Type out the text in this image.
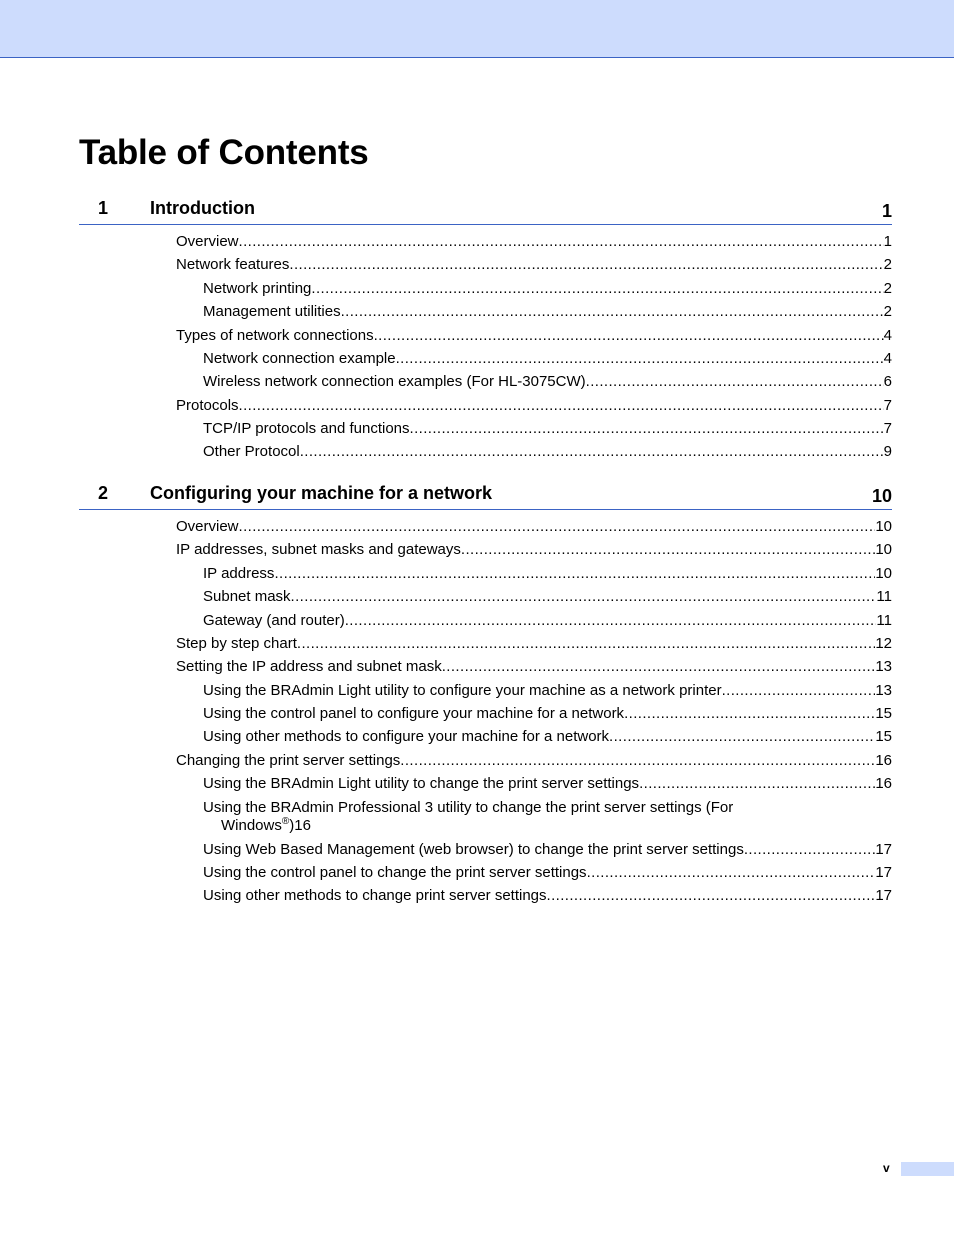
Table of Contents
1 Introduction	1
Overview .....	1
Network features .....	2
Network printing .....	2
Management utilities .....	2
Types of network connections .....	4
Network connection example .....	4
Wireless network connection examples (For HL-3075CW) .....	6
Protocols .....	7
TCP/IP protocols and functions .....	7
Other Protocol .....	9
2 Configuring your machine for a network	10
Overview .....	10
IP addresses, subnet masks and gateways .....	10
IP address .....	10
Subnet mask .....	11
Gateway (and router) .....	11
Step by step chart .....	12
Setting the IP address and subnet mask .....	13
Using the BRAdmin Light utility to configure your machine as a network printer .....	13
Using the control panel to configure your machine for a network .....	15
Using other methods to configure your machine for a network .....	15
Changing the print server settings .....	16
Using the BRAdmin Light utility to change the print server settings .....	16
Using the BRAdmin Professional 3 utility to change the print server settings (For
Windows®) 16
Using Web Based Management (web browser) to change the print server settings .....	17
Using the control panel to change the print server settings .....	17
Using other methods to change print server settings .....	17
v
